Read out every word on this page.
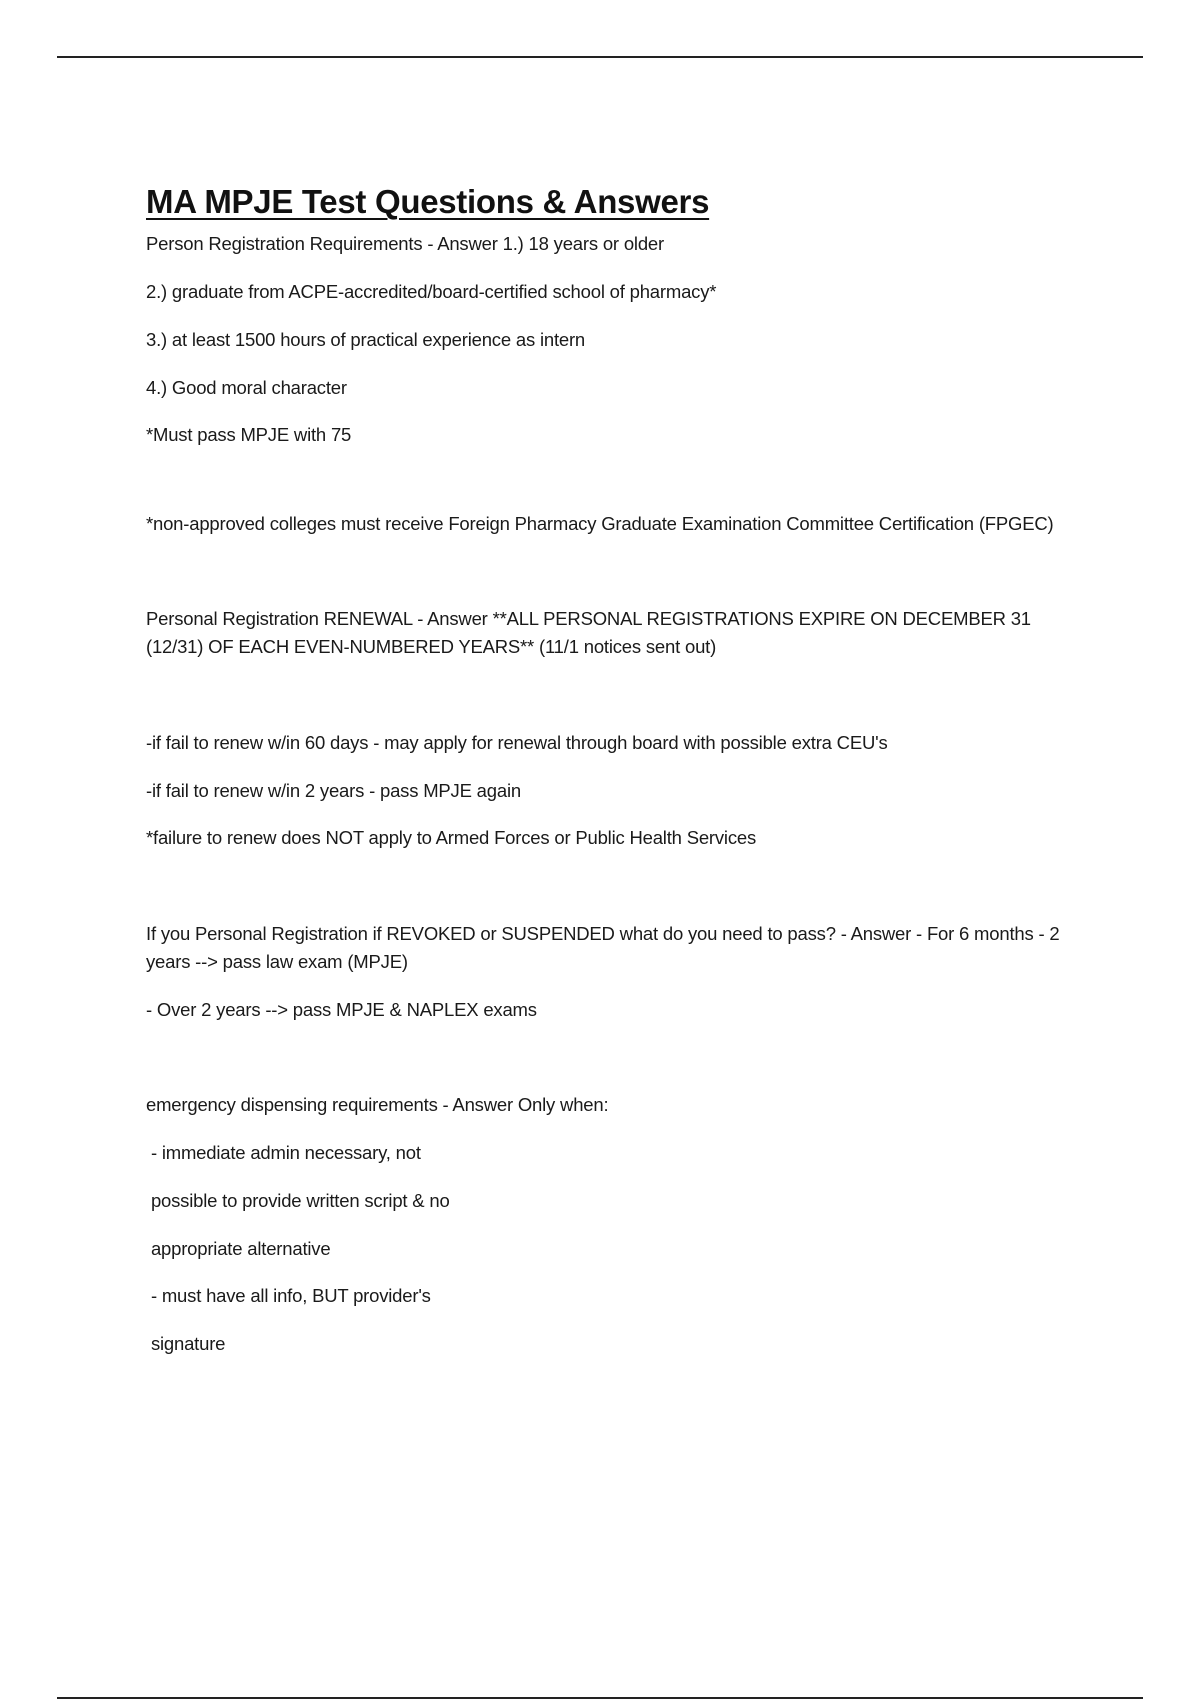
MA MPJE Test Questions & Answers

Person Registration Requirements - Answer 1.) 18 years or older

2.) graduate from ACPE-accredited/board-certified school of pharmacy*

3.) at least 1500 hours of practical experience as intern

4.) Good moral character

*Must pass MPJE with 75

*non-approved colleges must receive Foreign Pharmacy Graduate Examination Committee Certification (FPGEC)

Personal Registration RENEWAL - Answer **ALL PERSONAL REGISTRATIONS EXPIRE ON DECEMBER 31 (12/31) OF EACH EVEN-NUMBERED YEARS** (11/1 notices sent out)

-if fail to renew w/in 60 days - may apply for renewal through board with possible extra CEU's

-if fail to renew w/in 2 years - pass MPJE again

*failure to renew does NOT apply to Armed Forces or Public Health Services

If you Personal Registration if REVOKED or SUSPENDED what do you need to pass? - Answer - For 6 months - 2 years --> pass law exam (MPJE)

- Over 2 years --> pass MPJE & NAPLEX exams

emergency dispensing requirements - Answer Only when:

- immediate admin necessary, not

possible to provide written script & no

appropriate alternative

- must have all info, BUT provider's

signature
